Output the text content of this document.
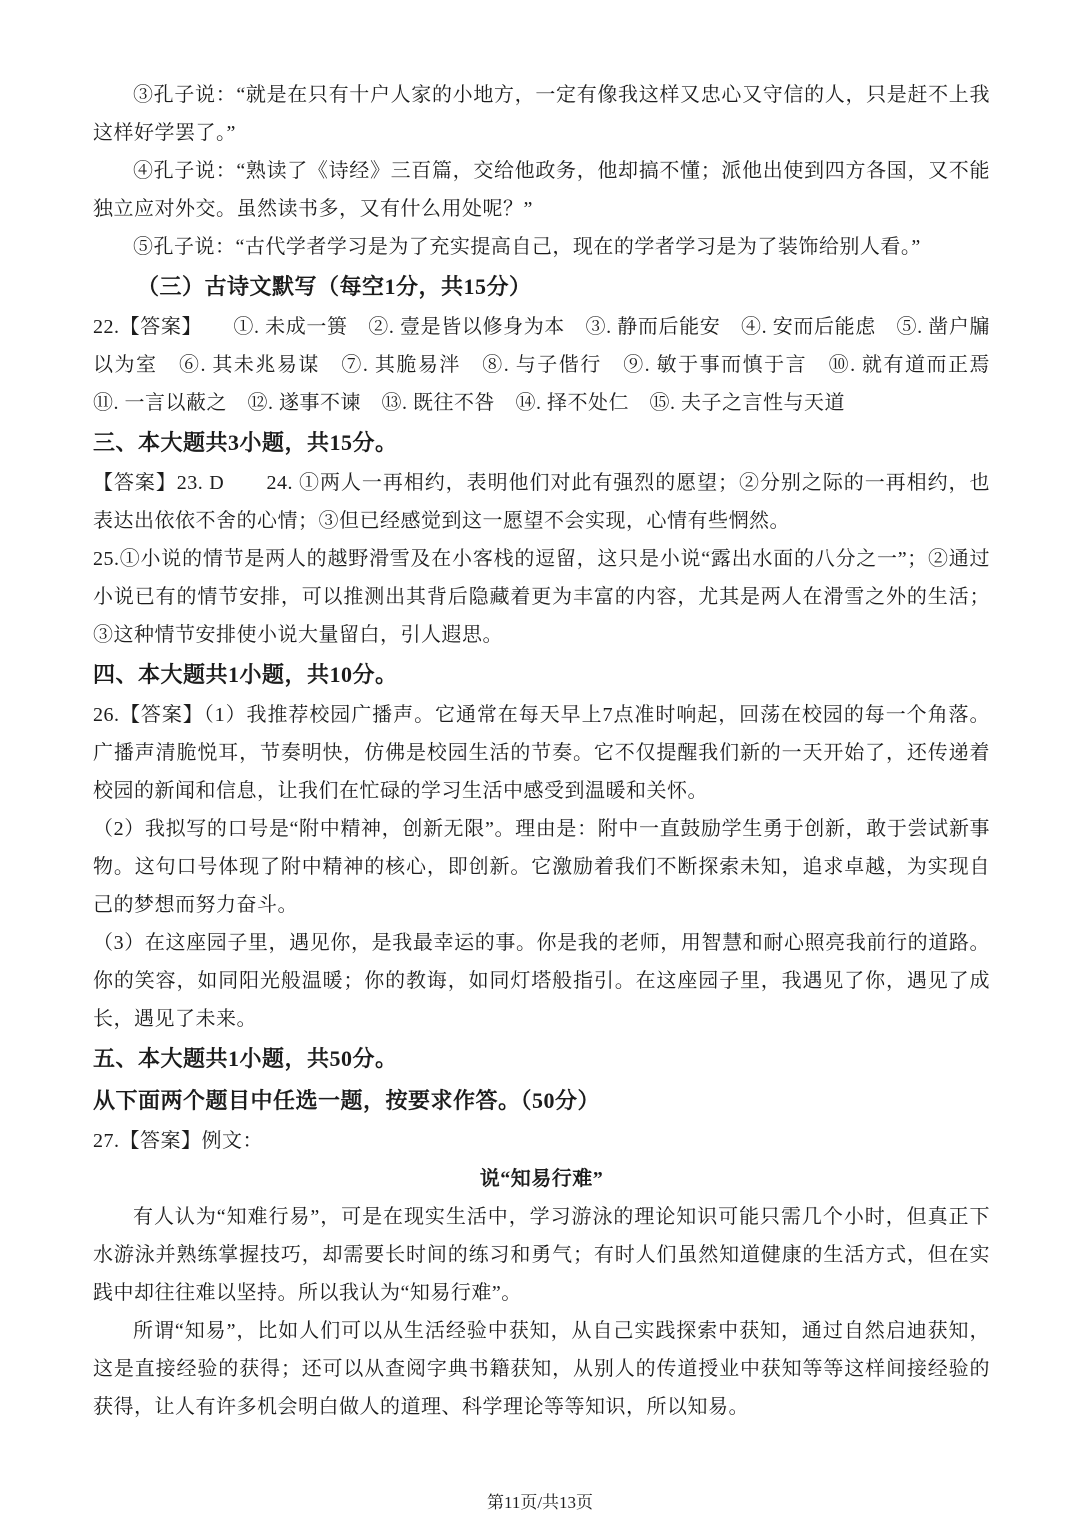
③孔子说：“就是在只有十户人家的小地方，一定有像我这样又忠心又守信的人，只是赶不上我这样好学罢了。”

④孔子说：“熟读了《诗经》三百篇，交给他政务，他却搞不懂；派他出使到四方各国，又不能独立应对外交。虽然读书多，又有什么用处呢？”

⑤孔子说：“古代学者学习是为了充实提高自己，现在的学者学习是为了装饰给别人看。”

（三）古诗文默写（每空1分，共15分）

22.【答案】　　①. 未成一篑　②. 壹是皆以修身为本　③. 静而后能安　④. 安而后能虑　⑤. 凿户牖以为室　⑥. 其未兆易谋　⑦. 其脆易泮　⑧. 与子偕行　⑨. 敏于事而慎于言　⑩. 就有道而正焉　⑪. 一言以蔽之　⑫. 遂事不谏　⑬. 既往不咎　⑭. 择不处仁　⑮. 夫子之言性与天道

三、本大题共3小题，共15分。

【答案】23. D　　24. ①两人一再相约，表明他们对此有强烈的愿望；②分别之际的一再相约，也表达出依依不舍的心情；③但已经感觉到这一愿望不会实现，心情有些惘然。

25.①小说的情节是两人的越野滑雪及在小客栈的逗留，这只是小说“露出水面的八分之一”；②通过小说已有的情节安排，可以推测出其背后隐藏着更为丰富的内容，尤其是两人在滑雪之外的生活；③这种情节安排使小说大量留白，引人遐思。

四、本大题共1小题，共10分。

26.【答案】（1）我推荐校园广播声。它通常在每天早上7点准时响起，回荡在校园的每一个角落。广播声清脆悦耳，节奏明快，仿佛是校园生活的节奏。它不仅提醒我们新的一天开始了，还传递着校园的新闻和信息，让我们在忙碌的学习生活中感受到温暖和关怀。

（2）我拟写的口号是“附中精神，创新无限”。理由是：附中一直鼓励学生勇于创新，敢于尝试新事物。这句口号体现了附中精神的核心，即创新。它激励着我们不断探索未知，追求卓越，为实现自己的梦想而努力奋斗。

（3）在这座园子里，遇见你，是我最幸运的事。你是我的老师，用智慧和耐心照亮我前行的道路。你的笑容，如同阳光般温暖；你的教诲，如同灯塔般指引。在这座园子里，我遇见了你，遇见了成长，遇见了未来。

五、本大题共1小题，共50分。
从下面两个题目中任选一题，按要求作答。（50分）

27.【答案】例文：

说“知易行难”

有人认为“知难行易”，可是在现实生活中，学习游泳的理论知识可能只需几个小时，但真正下水游泳并熟练掌握技巧，却需要长时间的练习和勇气；有时人们虽然知道健康的生活方式，但在实践中却往往难以坚持。所以我认为“知易行难”。

所谓“知易”，比如人们可以从生活经验中获知，从自己实践探索中获知，通过自然启迪获知，这是直接经验的获得；还可以从查阅字典书籍获知，从别人的传道授业中获知等等这样间接经验的获得，让人有许多机会明白做人的道理、科学理论等等知识，所以知易。

第11页/共13页
